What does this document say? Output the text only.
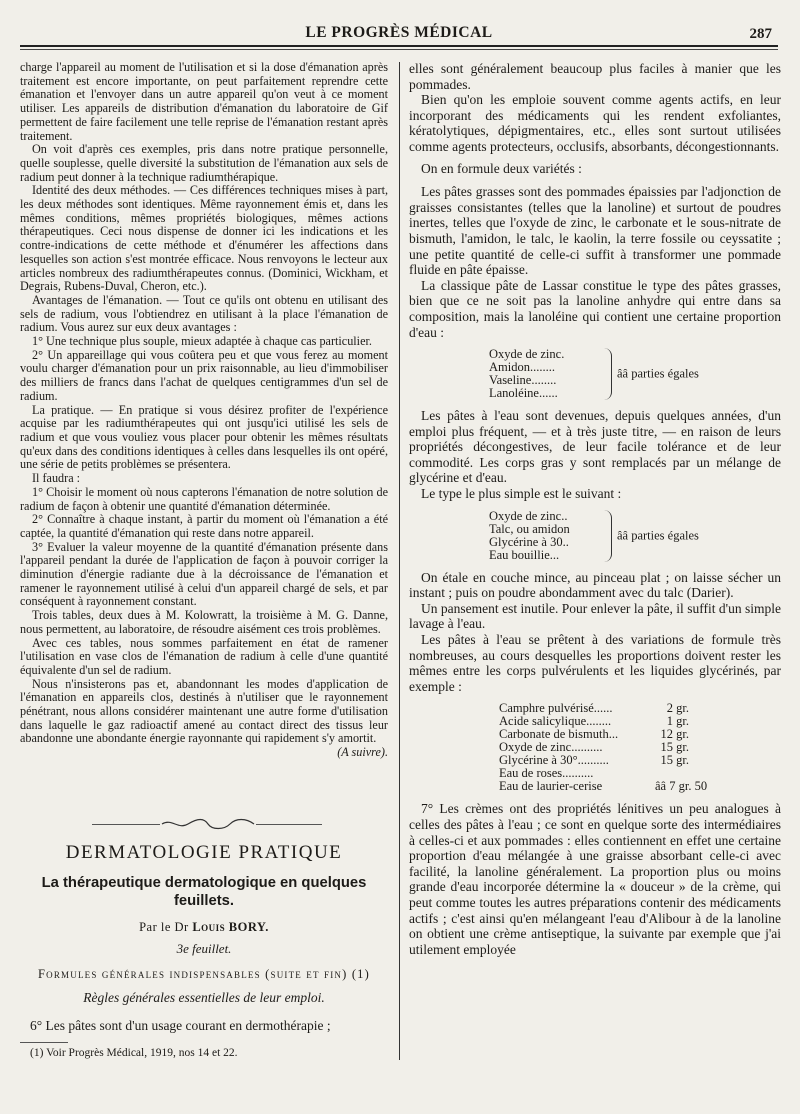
LE PROGRÈS MÉDICAL	287

charge l'appareil au moment de l'utilisation et si la dose d'émanation après traitement est encore importante, on peut parfaitement reprendre cette émanation et l'envoyer dans un autre appareil qu'on veut à ce moment utiliser. Les appareils de distribution d'émanation du laboratoire de Gif permettent de faire facilement une telle reprise de l'émanation restant après traitement.

On voit d'après ces exemples, pris dans notre pratique personnelle, quelle souplesse, quelle diversité la substitution de l'émanation aux sels de radium peut donner à la technique radiumthérapique.

Identité des deux méthodes. — Ces différences techniques mises à part, les deux méthodes sont identiques. Même rayonnement émis et, dans les mêmes conditions, mêmes propriétés biologiques, mêmes actions thérapeutiques. Ceci nous dispense de donner ici les indications et les contre-indications de cette méthode et d'énumérer les affections dans lesquelles son action s'est montrée efficace. Nous renvoyons le lecteur aux articles nombreux des radiumthérapeutes connus. (Dominici, Wickham, et Degrais, Rubens-Duval, Cheron, etc.).

Avantages de l'émanation. — Tout ce qu'ils ont obtenu en utilisant des sels de radium, vous l'obtiendrez en utilisant à la place l'émanation de radium. Vous aurez sur eux deux avantages :

1° Une technique plus souple, mieux adaptée à chaque cas particulier.

2° Un appareillage qui vous coûtera peu et que vous ferez au moment voulu charger d'émanation pour un prix raisonnable, au lieu d'immobiliser des milliers de francs dans l'achat de quelques centigrammes d'un sel de radium.

La pratique. — En pratique si vous désirez profiter de l'expérience acquise par les radiumthérapeutes qui ont jusqu'ici utilisé les sels de radium et que vous vouliez vous placer pour obtenir les mêmes résultats qu'eux dans des conditions identiques à celles dans lesquelles ils ont opéré, une série de petits problèmes se présentera.

Il faudra :

1° Choisir le moment où nous capterons l'émanation de notre solution de radium de façon à obtenir une quantité d'émanation déterminée.

2° Connaître à chaque instant, à partir du moment où l'émanation a été captée, la quantité d'émanation qui reste dans notre appareil.

3° Evaluer la valeur moyenne de la quantité d'émanation présente dans l'appareil pendant la durée de l'application de façon à pouvoir corriger la diminution d'énergie radiante due à la décroissance de l'émanation et ramener le rayonnement utilisé à celui d'un appareil chargé de sels, et par conséquent à rayonnement constant.

Trois tables, deux dues à M. Kolowratt, la troisième à M. G. Danne, nous permettent, au laboratoire, de résoudre aisément ces trois problèmes.

Avec ces tables, nous sommes parfaitement en état de ramener l'utilisation en vase clos de l'émanation de radium à celle d'une quantité équivalente d'un sel de radium.

Nous n'insisterons pas et, abandonnant les modes d'application de l'émanation en appareils clos, destinés à n'utiliser que le rayonnement pénétrant, nous allons considérer maintenant une autre forme d'utilisation dans laquelle le gaz radioactif amené au contact direct des tissus leur abandonne une abondante énergie rayonnante qui rapidement s'y amortit.

(A suivre).

DERMATOLOGIE PRATIQUE
La thérapeutique dermatologique en quelques feuillets.
Par le Dr Louis BORY.
3e feuillet.
Formules générales indispensables (suite et fin) (1)
Règles générales essentielles de leur emploi.
6° Les pâtes sont d'un usage courant en dermothérapie ;
(1) Voir Progrès Médical, 1919, nos 14 et 22.

elles sont généralement beaucoup plus faciles à manier que les pommades.

Bien qu'on les emploie souvent comme agents actifs, en leur incorporant des médicaments qui les rendent exfoliantes, kératolytiques, dépigmentaires, etc., elles sont surtout utilisées comme agents protecteurs, occlusifs, absorbants, décongestionnants.

On en formule deux variétés :

Les pâtes grasses sont des pommades épaissies par l'adjonction de graisses consistantes (telles que la lanoline) et surtout de poudres inertes, telles que l'oxyde de zinc, le carbonate et le sous-nitrate de bismuth, l'amidon, le talc, le kaolin, la terre fossile ou ceyssatite ; une petite quantité de celle-ci suffit à transformer une pommade fluide en pâte épaisse.

La classique pâte de Lassar constitue le type des pâtes grasses, bien que ce ne soit pas la lanoline anhydre qui entre dans sa composition, mais la lanoléine qui contient une certaine proportion d'eau :

Oxyde de zinc.
Amidon........
Vaseline........
Lanoléine......
ââ parties égales

Les pâtes à l'eau sont devenues, depuis quelques années, d'un emploi plus fréquent, — et à très juste titre, — en raison de leurs propriétés décongestives, de leur facile tolérance et de leur commodité. Les corps gras y sont remplacés par un mélange de glycérine et d'eau.

Le type le plus simple est le suivant :

Oxyde de zinc..
Talc, ou amidon
Glycérine à 30..
Eau bouillie...
ââ parties égales

On étale en couche mince, au pinceau plat ; on laisse sécher un instant ; puis on poudre abondamment avec du talc (Darier).

Un pansement est inutile. Pour enlever la pâte, il suffit d'un simple lavage à l'eau.

Les pâtes à l'eau se prêtent à des variations de formule très nombreuses, au cours desquelles les proportions doivent rester les mêmes entre les corps pulvérulents et les liquides glycérinés, par exemple :

Camphre pulvérisé......	2 gr.
Acide salicylique........	1 gr.
Carbonate de bismuth...	12 gr.
Oxyde de zinc..........	15 gr.
Glycérine à 30°..........	15 gr.
Eau de roses..........
Eau de laurier-cerise	ââ 7 gr. 50

7° Les crèmes ont des propriétés lénitives un peu analogues à celles des pâtes à l'eau ; ce sont en quelque sorte des intermédiaires à celles-ci et aux pommades : elles contiennent en effet une certaine proportion d'eau mélangée à une graisse absorbant celle-ci avec facilité, la lanoline généralement. La proportion plus ou moins grande d'eau incorporée détermine la « douceur » de la crème, qui peut comme toutes les autres préparations contenir des médicaments actifs ; c'est ainsi qu'en mélangeant l'eau d'Alibour à de la lanoline on obtient une crème antiseptique, la suivante par exemple que j'ai utilement employée
